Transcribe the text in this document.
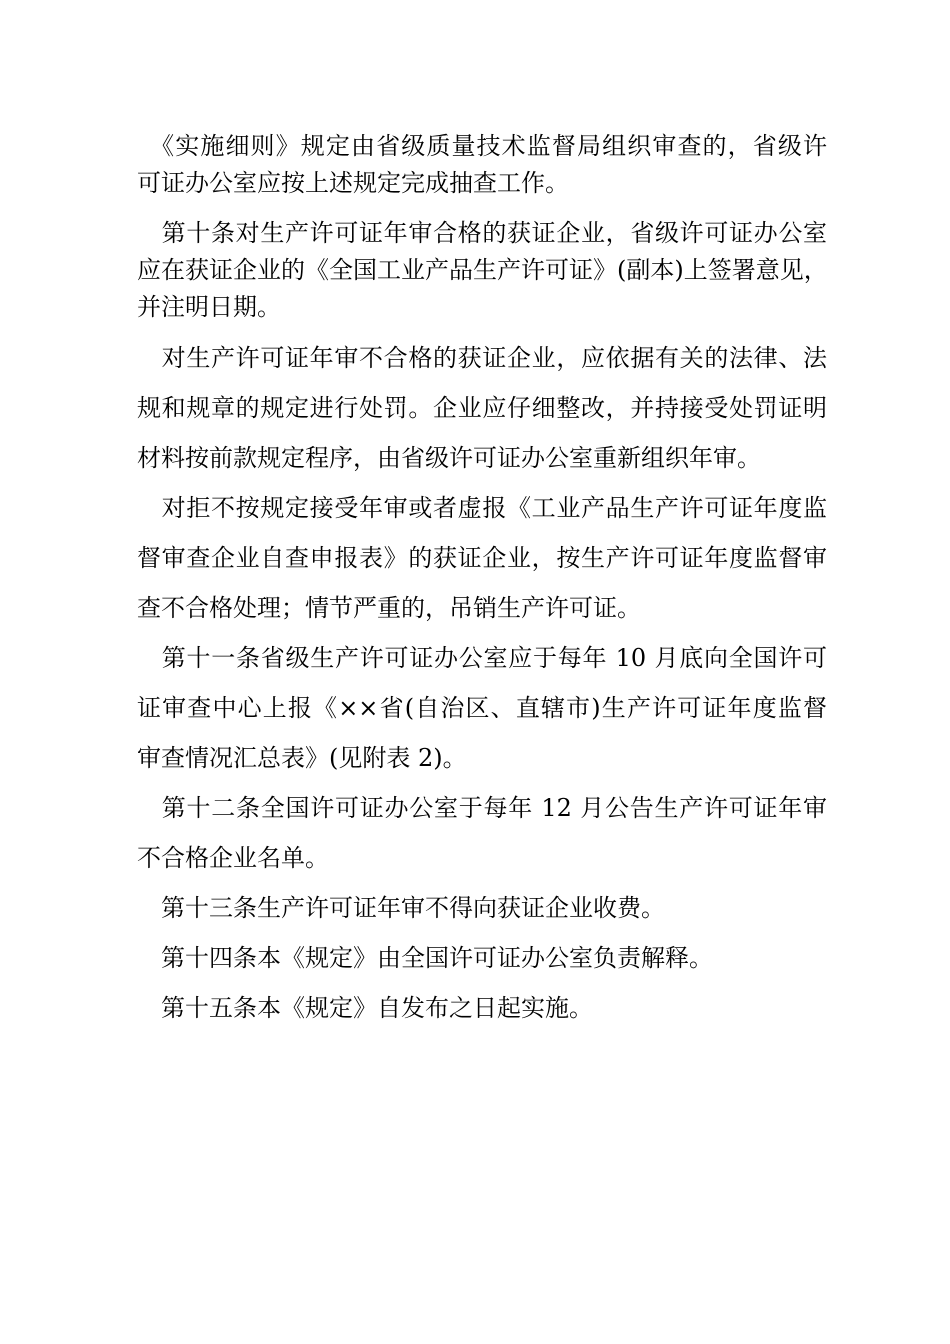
　《实施细则》规定由省级质量技术监督局组织审查的，省级许
可证办公室应按上述规定完成抽查工作。
　第十条对生产许可证年审合格的获证企业，省级许可证办公室
应在获证企业的《全国工业产品生产许可证》(副本)上签署意见，
并注明日期。
　对生产许可证年审不合格的获证企业，应依据有关的法律、法
规和规章的规定进行处罚。企业应仔细整改，并持接受处罚证明
材料按前款规定程序，由省级许可证办公室重新组织年审。
　对拒不按规定接受年审或者虚报《工业产品生产许可证年度监
督审查企业自查申报表》的获证企业，按生产许可证年度监督审
查不合格处理；情节严重的，吊销生产许可证。
　第十一条省级生产许可证办公室应于每年 10 月底向全国许可
证审查中心上报《××省(自治区、直辖市)生产许可证年度监督
审查情况汇总表》(见附表 2)。
　第十二条全国许可证办公室于每年 12 月公告生产许可证年审
不合格企业名单。
　第十三条生产许可证年审不得向获证企业收费。
　第十四条本《规定》由全国许可证办公室负责解释。
　第十五条本《规定》自发布之日起实施。
